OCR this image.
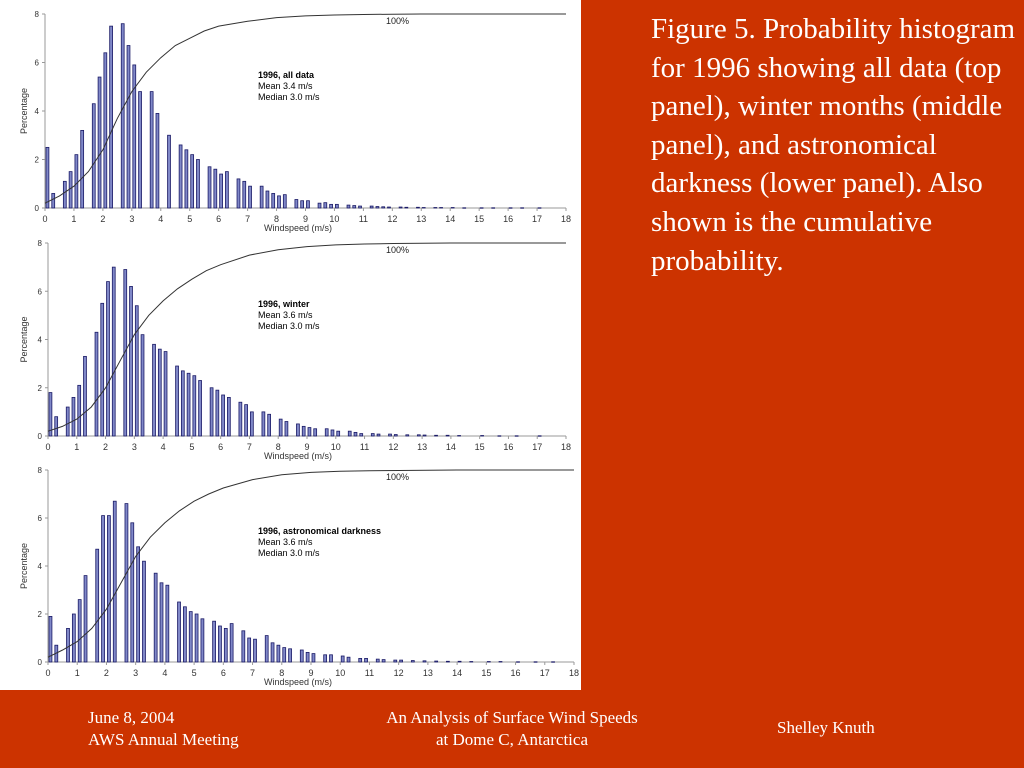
0
2
4
6
8
0	1	2	3	4	5	6	7	8	9 10 11 12 13 14 15 16 17 18
100%
1996, all data
Mean 3.4 m/s
Median 3.0 m/s
Windspeed (m/s)
Percentage
0
2
4
6
8
0	1	2	3	4	5	6	7	8	9 10 11 12 13 14 15 16 17 18
100%
1996, winter
Mean 3.6 m/s
Median 3.0 m/s
Windspeed (m/s)
Percentage
0
2
4
6
8
0	1	2	3	4	5	6	7	8	9 10 11 12 13 14 15 16 17 18
100%
1996, astronomical darkness
Mean 3.6 m/s
Median 3.0 m/s
Windspeed (m/s)
Percentage
Figure 5. Probability histogram for 1996 showing all data (top panel), winter months (middle panel), and astronomical darkness (lower panel). Also shown is the cumulative probability.
June 8, 2004
AWS Annual Meeting
An Analysis of Surface Wind Speeds
at Dome C, Antarctica
Shelley Knuth
